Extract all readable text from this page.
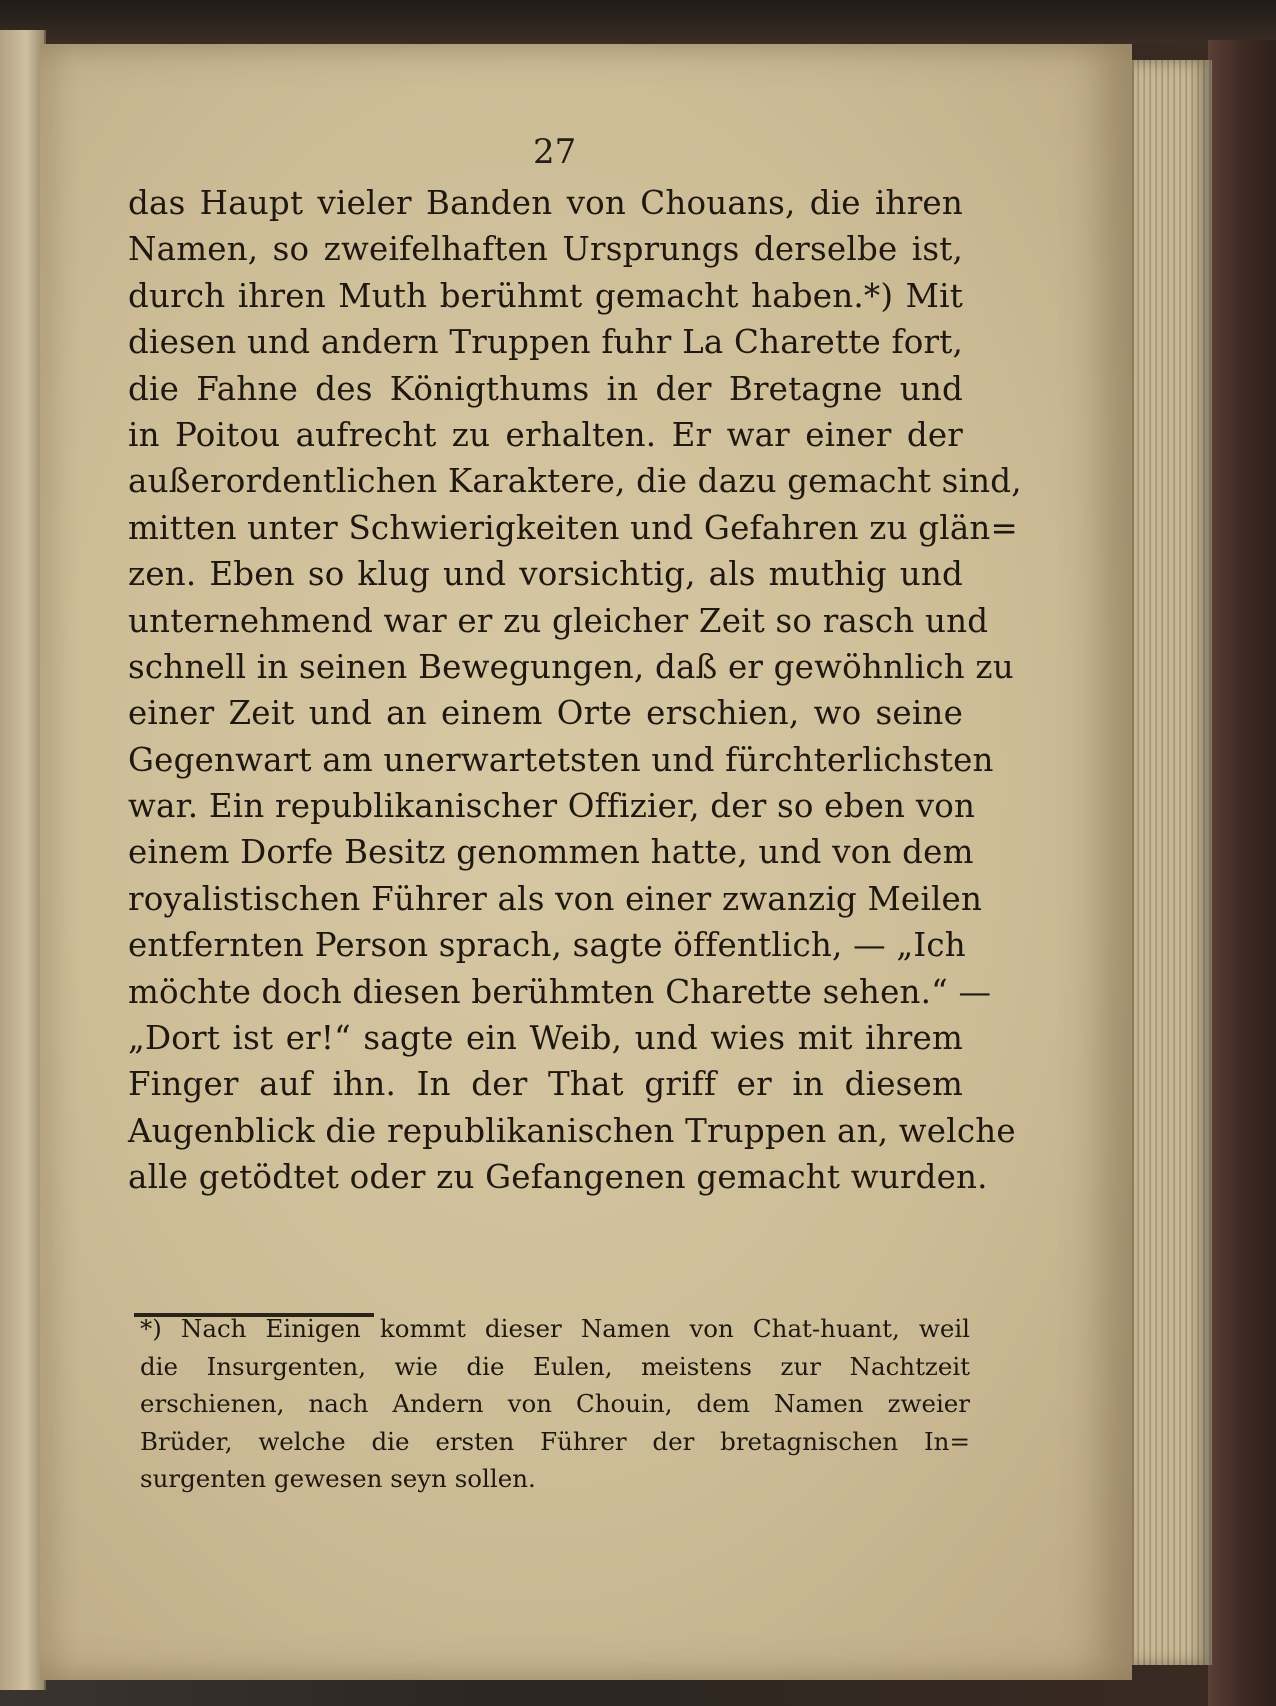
27
das Haupt vieler Banden von Chouans, die ihren
Namen, so zweifelhaften Ursprungs derselbe ist,
durch ihren Muth berühmt gemacht haben.*) Mit
diesen und andern Truppen fuhr La Charette fort,
die Fahne des Königthums in der Bretagne und
in Poitou aufrecht zu erhalten. Er war einer der
außerordentlichen Karaktere, die dazu gemacht sind,
mitten unter Schwierigkeiten und Gefahren zu glän=
zen. Eben so klug und vorsichtig, als muthig und
unternehmend war er zu gleicher Zeit so rasch und
schnell in seinen Bewegungen, daß er gewöhnlich zu
einer Zeit und an einem Orte erschien, wo seine
Gegenwart am unerwartetsten und fürchterlichsten
war. Ein republikanischer Offizier, der so eben von
einem Dorfe Besitz genommen hatte, und von dem
royalistischen Führer als von einer zwanzig Meilen
entfernten Person sprach, sagte öffentlich, — „Ich
möchte doch diesen berühmten Charette sehen.“ —
„Dort ist er!“ sagte ein Weib, und wies mit ihrem
Finger auf ihn. In der That griff er in diesem
Augenblick die republikanischen Truppen an, welche
alle getödtet oder zu Gefangenen gemacht wurden.
*) Nach Einigen kommt dieser Namen von Chat-huant, weil
die Insurgenten, wie die Eulen, meistens zur Nachtzeit
erschienen, nach Andern von Chouin, dem Namen zweier
Brüder, welche die ersten Führer der bretagnischen In=
surgenten gewesen seyn sollen.
